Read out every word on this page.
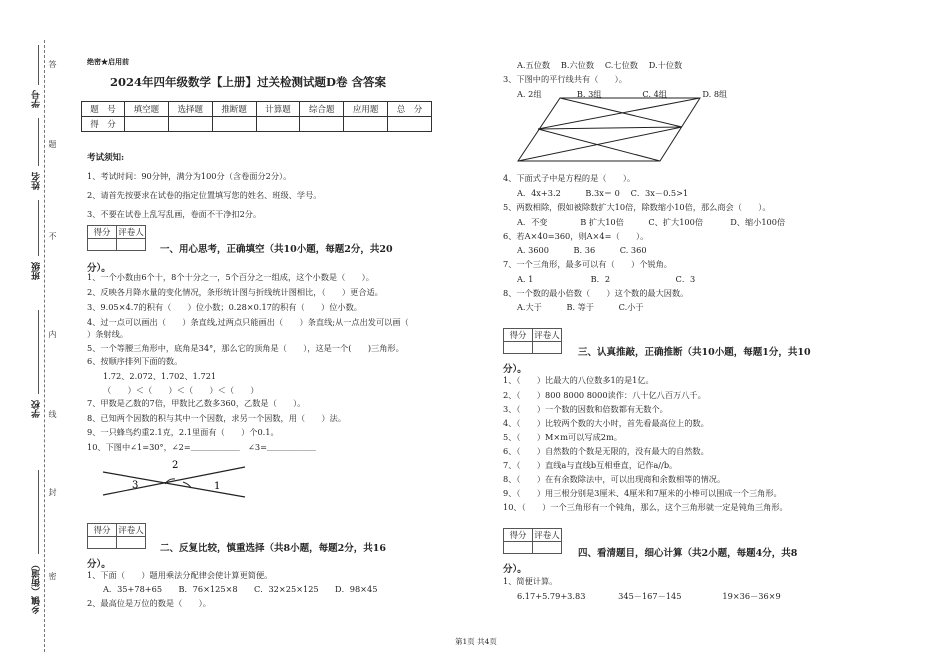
答
题
不
内
线
封
密
学号
姓名
班级
学校
乡镇（街道）
绝密★启用前
2024年四年级数学【上册】过关检测试题D卷 含答案
题　号	填空题	选择题	推断题	计算题	综合题	应用题	总　分
得　分							
考试须知:
1、考试时间：90分钟，满分为100分（含卷面分2分）。
2、请首先按要求在试卷的指定位置填写您的姓名、班级、学号。
3、不要在试卷上乱写乱画，卷面不干净扣2分。
得分	评卷人

一、用心思考，正确填空（共10小题，每题2分，共20
分）。
1、一个小数由6个十，8个十分之一，5个百分之一组成，这个小数是（　　）。
2、反映各月降水量的变化情况，条形统计图与折线统计图相比，（　　）更合适。
3、9.05×4.7的积有（　　）位小数；0.28×0.17的积有（　　）位小数。
4、过一点可以画出（　　）条直线,过两点只能画出（　　）条直线;从一点出发可以画（　　
）条射线。
5、一个等腰三角形中，底角是34°，那么它的顶角是（　　），这是一个(　　)三角形。
6、按顺序排列下面的数。
1.72、2.072、1.702、1.721
（　　）＜（　　）＜（　　）＜（　　）
7、甲数是乙数的7倍，甲数比乙数多360，乙数是（　　）。
8、已知两个因数的积与其中一个因数，求另一个因数，用（　　）法。
9、一只蜂鸟约重2.1克，2.1里面有（　　）个0.1。
10、下图中∠1=30°，∠2=＿＿＿＿＿＿　∠3=＿＿＿＿＿＿
2
3	1
得分	评卷人

二、反复比较，慎重选择（共8小题，每题2分，共16
分）。
1、下面（　　）题用乘法分配律会使计算更简便。
A．35+78+65　　B．76×125×8　　C．32×25×125　　D．98×45
2、最高位是万位的数是（　　）。
A.五位数　 B.六位数　 C.七位数　 D.十位数
3、下图中的平行线共有（　　）。
A. 2组　　　　 B. 3组　　　　　C. 4组　　　　 D. 8组
4、下面式子中是方程的是（　　）。
A．4x+3.2　　　B.3x＝ 0　 C．3x－0.5>1
5、两数相除，假如被除数扩大10倍，除数缩小10倍，那么商会（　　）。
A．不变　　　　B 扩大10倍　　　C、扩大100倍　　　 D、缩小100倍
6、若A×40=360，则A×4=（　　）。
A. 3600　　　B. 36　　　C. 360
7、一个三角形，最多可以有（　　）个锐角。
A. 1　　　　　　　B．2　　　　　　　　C．3
8、一个数的最小倍数（　　）这个数的最大因数。
A.大于　　　B. 等于　　　C.小于
得分	评卷人

三、认真推敲，正确推断（共10小题，每题1分，共10
分）。
1、（　　）比最大的八位数多1的是1亿。
2、（　　）800 8000 8000读作：八十亿八百万八千。
3、（　　）一个数的因数和倍数都有无数个。
4、（　　）比较两个数的大小时，首先看最高位上的数。
5、（　　）M×m可以写成2m。
6、（　　）自然数的个数是无限的，没有最大的自然数。
7、（　　）直线a与直线b互相垂直，记作a//b。
8、（　　）在有余数除法中，可以出现商和余数相等的情况。
9、（　　）用三根分别是3厘米、4厘米和7厘米的小棒可以围成一个三角形。
10、（　　）一个三角形有一个钝角，那么，这个三角形就一定是钝角三角形。
得分	评卷人

四、看清题目，细心计算（共2小题，每题4分，共8
分）。
1、简便计算。
6.17+5.79+3.83　　　　345－167－145　　　　　19×36－36×9
第1页 共4页
